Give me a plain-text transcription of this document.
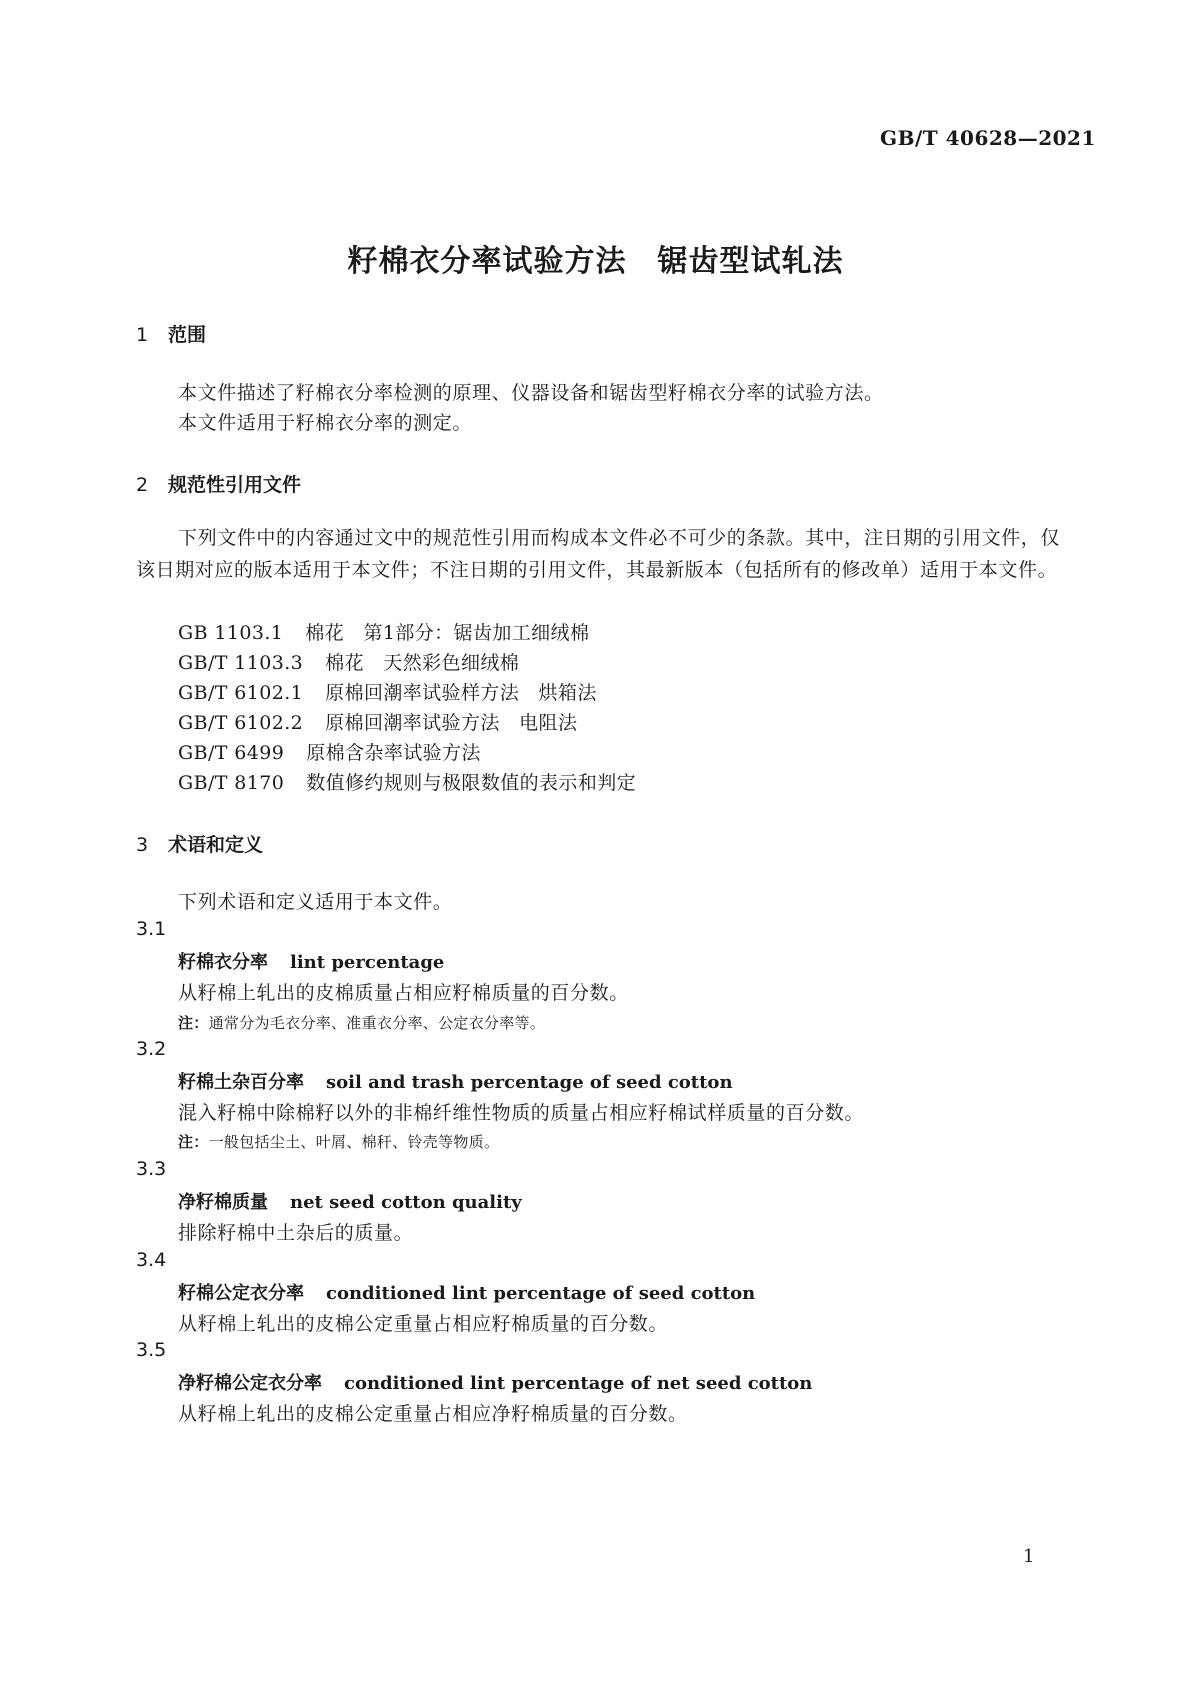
GB/T 40628—2021
籽棉衣分率试验方法　锯齿型试轧法
1 范围
本文件描述了籽棉衣分率检测的原理、仪器设备和锯齿型籽棉衣分率的试验方法。
本文件适用于籽棉衣分率的测定。
2 规范性引用文件
下列文件中的内容通过文中的规范性引用而构成本文件必不可少的条款。其中，注日期的引用文件，仅该日期对应的版本适用于本文件；不注日期的引用文件，其最新版本（包括所有的修改单）适用于本文件。
GB 1103.1 棉花　第1部分：锯齿加工细绒棉
GB/T 1103.3 棉花　天然彩色细绒棉
GB/T 6102.1 原棉回潮率试验样方法　烘箱法
GB/T 6102.2 原棉回潮率试验方法　电阻法
GB/T 6499 原棉含杂率试验方法
GB/T 8170 数值修约规则与极限数值的表示和判定
3 术语和定义
下列术语和定义适用于本文件。
3.1
籽棉衣分率 lint percentage
从籽棉上轧出的皮棉质量占相应籽棉质量的百分数。
注：通常分为毛衣分率、准重衣分率、公定衣分率等。
3.2
籽棉土杂百分率 soil and trash percentage of seed cotton
混入籽棉中除棉籽以外的非棉纤维性物质的质量占相应籽棉试样质量的百分数。
注：一般包括尘土、叶屑、棉秆、铃壳等物质。
3.3
净籽棉质量 net seed cotton quality
排除籽棉中土杂后的质量。
3.4
籽棉公定衣分率 conditioned lint percentage of seed cotton
从籽棉上轧出的皮棉公定重量占相应籽棉质量的百分数。
3.5
净籽棉公定衣分率 conditioned lint percentage of net seed cotton
从籽棉上轧出的皮棉公定重量占相应净籽棉质量的百分数。
1
